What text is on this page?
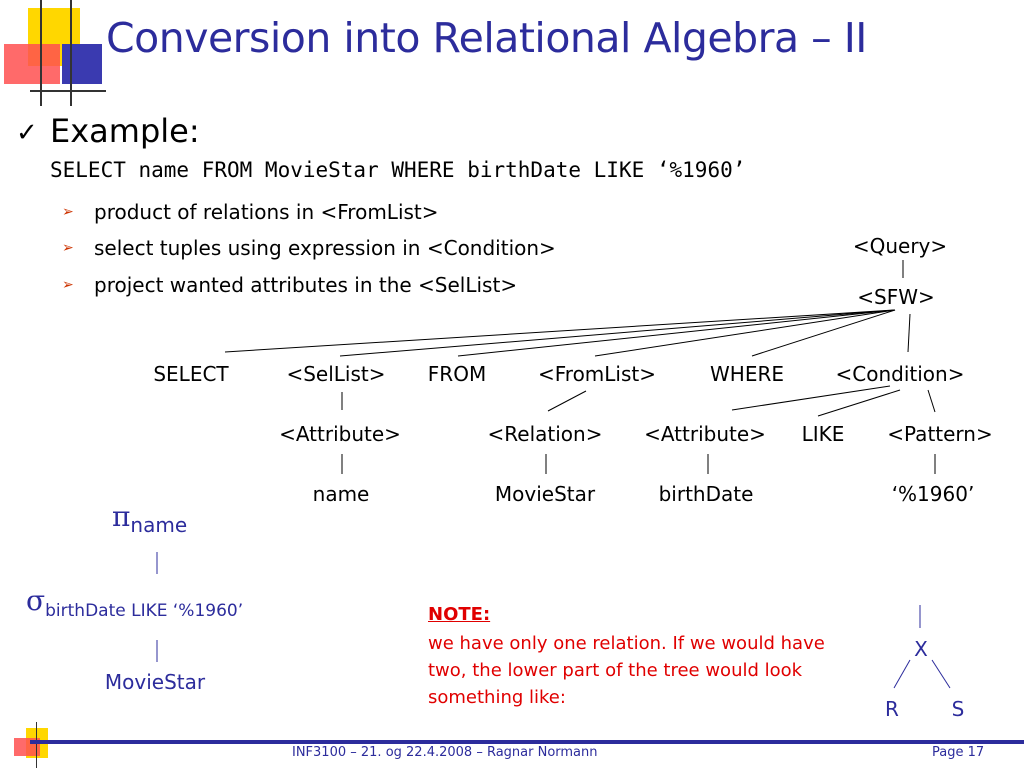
Conversion into Relational Algebra – II
✓ Example:
SELECT name FROM MovieStar WHERE birthDate LIKE ‘%1960’
➢ product of relations in <FromList>
➢ select tuples using expression in <Condition>
➢ project wanted attributes in the <SelList>
<Query>
<SFW>
SELECT	<SelList> FROM	<FromList>	WHERE	<Condition>
<Attribute>	<Relation> <Attribute> LIKE <Pattern>
name	MovieStar	birthDate	‘%1960’
πname
σbirthDate LIKE ‘%1960’
MovieStar
NOTE:
we have only one relation. If we would have two, the lower part of the tree would look something like:
X
R	S
INF3100 – 21. og 22.4.2008 – Ragnar Normann	Page 17
